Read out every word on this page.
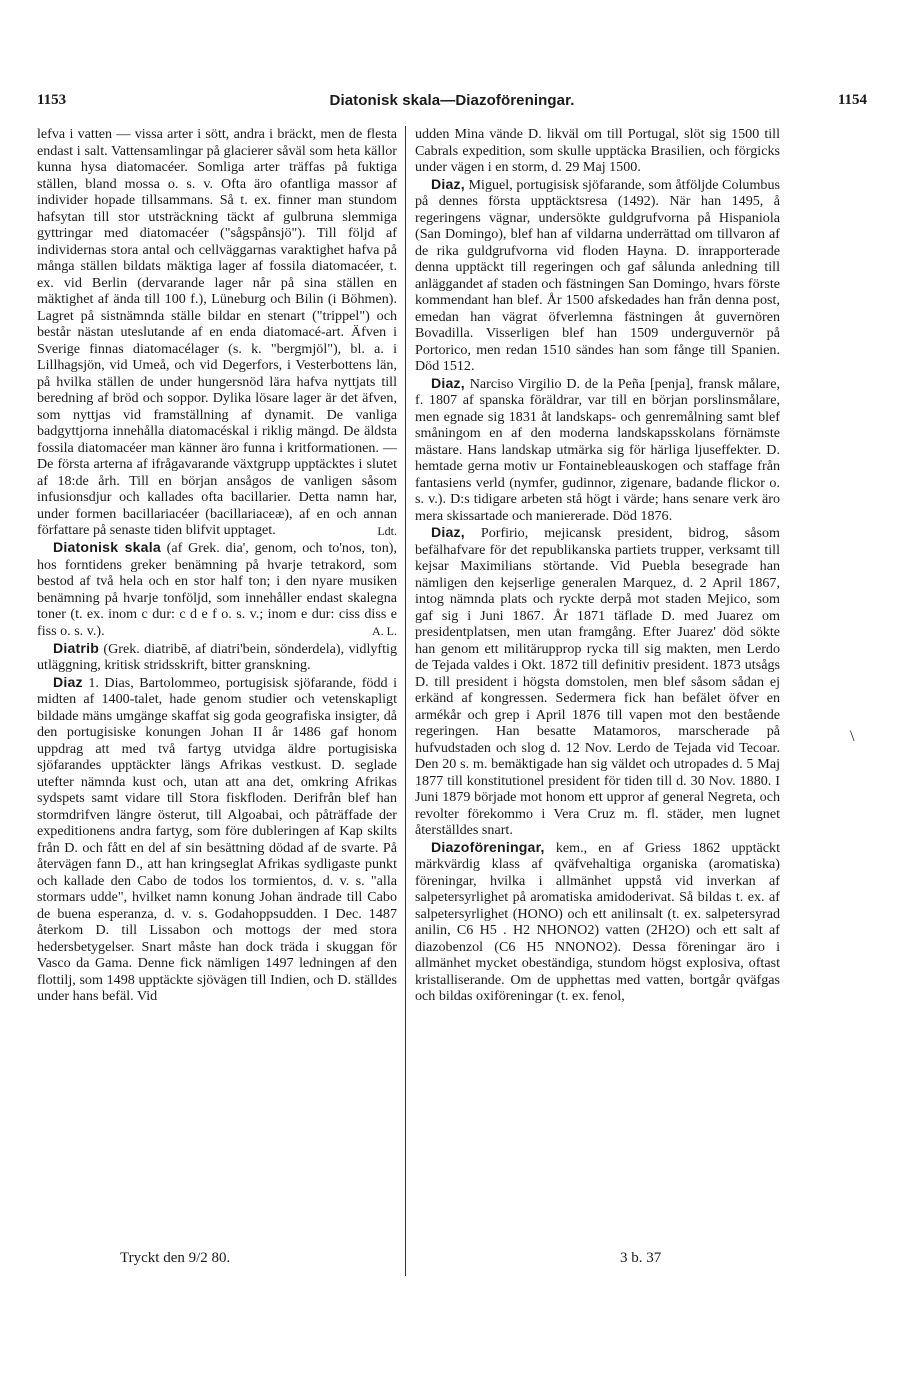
1153	Diatonisk skala—Diazoföreningar.	1154

lefva i vatten — vissa arter i sött, andra i bräckt, men de flesta endast i salt. Vattensamlingar på glacierer såväl som heta källor kunna hysa diatomacéer. Somliga arter träffas på fuktiga ställen, bland mossa o. s. v. Ofta äro ofantliga massor af individer hopade tillsammans. Så t. ex. finner man stundom hafsytan till stor utsträckning täckt af gulbruna slemmiga gyttringar med diatomacéer ("sågspånsjö"). Till följd af individernas stora antal och cellväggarnas varaktighet hafva på många ställen bildats mäktiga lager af fossila diatomacéer, t. ex. vid Berlin (dervarande lager når på sina ställen en mäktighet af ända till 100 f.), Lüneburg och Bilin (i Böhmen). Lagret på sistnämnda ställe bildar en stenart ("trippel") och består nästan uteslutande af en enda diatomacé-art. Äfven i Sverige finnas diatomacélager (s. k. "bergmjöl"), bl. a. i Lillhagsjön, vid Umeå, och vid Degerfors, i Vesterbottens län, på hvilka ställen de under hungersnöd lära hafva nyttjats till beredning af bröd och soppor. Dylika lösare lager är det äfven, som nyttjas vid framställning af dynamit. De vanliga badgyttjorna innehålla diatomacéskal i riklig mängd. De äldsta fossila diatomacéer man känner äro funna i kritformationen. — De första arterna af ifrågavarande växtgrupp upptäcktes i slutet af 18:de årh. Till en början ansågos de vanligen såsom infusionsdjur och kallades ofta bacillarier. Detta namn har, under formen bacillariacéer (bacillariaceæ), af en och annan författare på senaste tiden blifvit upptaget.	Ldt.

Diatonisk skala (af Grek. dia', genom, och to'nos, ton), hos forntidens greker benämning på hvarje tetrakord, som bestod af två hela och en stor half ton; i den nyare musiken benämning på hvarje tonföljd, som innehåller endast skalegna toner (t. ex. inom c dur: c d e f o. s. v.; inom e dur: ciss diss e fiss o. s. v.).	A. L.

Diatrib (Grek. diatribē, af diatri'bein, sönderdela), vidlyftig utläggning, kritisk stridsskrift, bitter granskning.

Diaz 1. Dias, Bartolommeo, portugisisk sjöfarande, född i midten af 1400-talet, hade genom studier och vetenskapligt bildade mäns umgänge skaffat sig goda geografiska insigter, då den portugisiske konungen Johan II år 1486 gaf honom uppdrag att med två fartyg utvidga äldre portugisiska sjöfarandes upptäckter längs Afrikas vestkust. D. seglade utefter nämnda kust och, utan att ana det, omkring Afrikas sydspets samt vidare till Stora fiskfloden. Derifrån blef han stormdrifven längre österut, till Algoabai, och påträffade der expeditionens andra fartyg, som före dubleringen af Kap skilts från D. och fått en del af sin besättning dödad af de svarte. På återvägen fann D., att han kringseglat Afrikas sydligaste punkt och kallade den Cabo de todos los tormientos, d. v. s. "alla stormars udde", hvilket namn konung Johan ändrade till Cabo de buena esperanza, d. v. s. Godahoppsudden. I Dec. 1487 återkom D. till Lissabon och mottogs der med stora hedersbetygelser. Snart måste han dock träda i skuggan för Vasco da Gama. Denne fick nämligen 1497 ledningen af den flottilj, som 1498 upptäckte sjövägen till Indien, och D. ställdes under hans befäl. Vid

udden Mina vände D. likväl om till Portugal, slöt sig 1500 till Cabrals expedition, som skulle upptäcka Brasilien, och förgicks under vägen i en storm, d. 29 Maj 1500.

Diaz, Miguel, portugisisk sjöfarande, som åtföljde Columbus på dennes första upptäcktsresa (1492). När han 1495, å regeringens vägnar, undersökte guldgrufvorna på Hispaniola (San Domingo), blef han af vildarna underrättad om tillvaron af de rika guldgrufvorna vid floden Hayna. D. inrapporterade denna upptäckt till regeringen och gaf sålunda anledning till anläggandet af staden och fästningen San Domingo, hvars förste kommendant han blef. År 1500 afskedades han från denna post, emedan han vägrat öfverlemna fästningen åt guvernören Bovadilla. Visserligen blef han 1509 underguvernör på Portorico, men redan 1510 sändes han som fånge till Spanien. Död 1512.

Diaz, Narciso Virgilio D. de la Peña [penja], fransk målare, f. 1807 af spanska föräldrar, var till en början porslinsmålare, men egnade sig 1831 åt landskaps- och genremålning samt blef småningom en af den moderna landskapsskolans förnämste mästare. Hans landskap utmärka sig för härliga ljuseffekter. D. hemtade gerna motiv ur Fontainebleauskogen och staffage från fantasiens verld (nymfer, gudinnor, zigenare, badande flickor o. s. v.). D:s tidigare arbeten stå högt i värde; hans senare verk äro mera skissartade och maniererade. Död 1876.

Diaz, Porfirio, mejicansk president, bidrog, såsom befälhafvare för det republikanska partiets trupper, verksamt till kejsar Maximilians störtande. Vid Puebla besegrade han nämligen den kejserlige generalen Marquez, d. 2 April 1867, intog nämnda plats och ryckte derpå mot staden Mejico, som gaf sig i Juni 1867. År 1871 täflade D. med Juarez om presidentplatsen, men utan framgång. Efter Juarez' död sökte han genom ett militärupprор rycka till sig makten, men Lerdo de Tejada valdes i Okt. 1872 till definitiv president. 1873 utsågs D. till president i högsta domstolen, men blef såsom sådan ej erkänd af kongressen. Sedermera fick han befälet öfver en armékår och grep i April 1876 till vapen mot den bestående regeringen. Han besatte Matamoros, marscherade på hufvudstaden och slog d. 12 Nov. Lerdo de Tejada vid Tecoar. Den 20 s. m. bemäktigade han sig väldet och utropades d. 5 Maj 1877 till konstitutionel president för tiden till d. 30 Nov. 1880. I Juni 1879 började mot honom ett uppror af general Negreta, och revolter förekommo i Vera Cruz m. fl. städer, men lugnet återställdes snart.

Diazoföreningar, kem., en af Griess 1862 upptäckt märkvärdig klass af qväfvehaltiga organiska (aromatiska) föreningar, hvilka i allmänhet uppstå vid inverkan af salpetersyrlighet på aromatiska amidoderivat. Så bildas t. ex. af salpetersyrlighet (HONO) och ett anilinsalt (t. ex. salpetersyrad anilin, C6 H5 . H2 NHONO2) vatten (2H2O) och ett salt af diazobenzol (C6 H5 NNONO2). Dessa föreningar äro i allmänhet mycket obeständiga, stundom högst explosiva, oftast kristalliserande. Om de upphettas med vatten, bortgår qväfgas och bildas oxiföreningar (t. ex. fenol,

\
Tryckt den 9/2 80.	3 b. 37
